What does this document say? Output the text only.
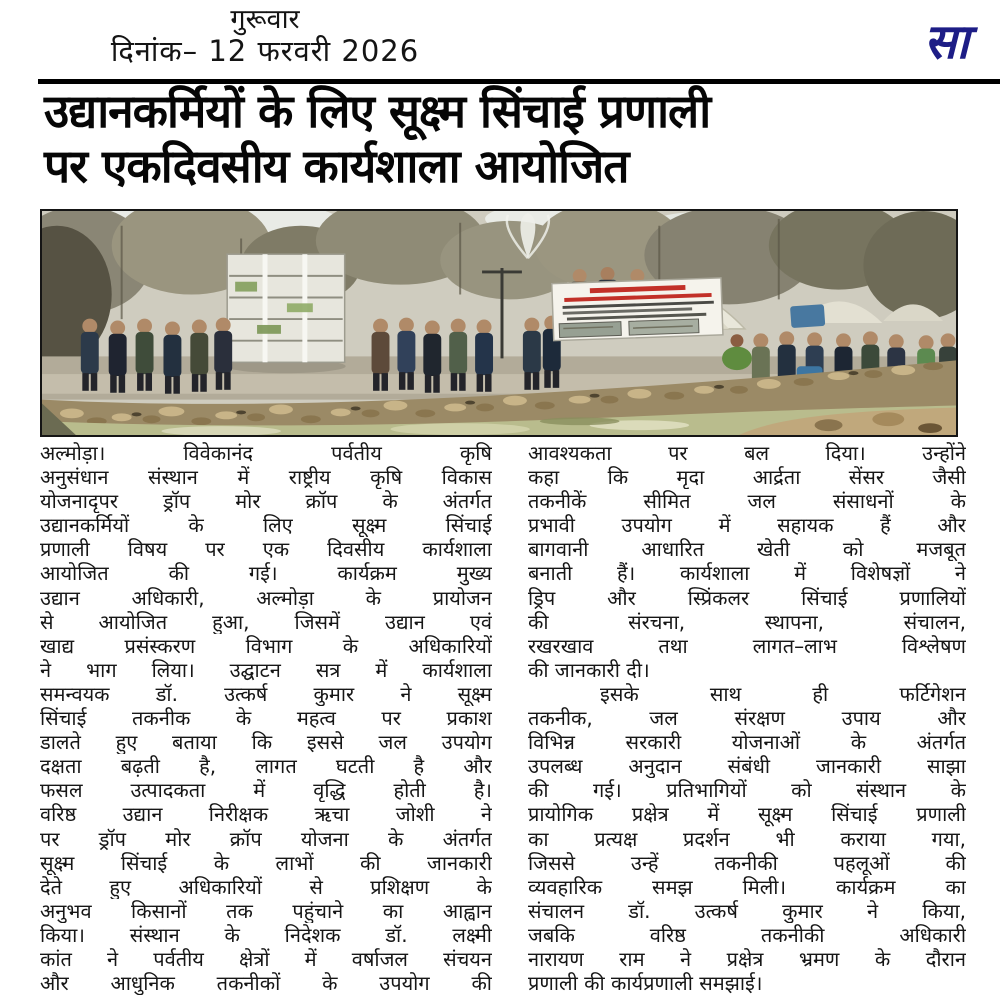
गुरूवार
दिनांक– 12 फरवरी 2026	सा
उद्यानकर्मियों के लिए सूक्ष्म सिंचाई प्रणाली
पर एकदिवसीय कार्यशाला आयोजित
अल्मोड़ा। विवेकानंद पर्वतीय कृषि
अनुसंधान संस्थान में राष्ट्रीय कृषि विकास
योजनादृपर ड्रॉप मोर क्रॉप के अंतर्गत
उद्यानकर्मियों के लिए सूक्ष्म सिंचाई
प्रणाली विषय पर एक दिवसीय कार्यशाला
आयोजित की गई। कार्यक्रम मुख्य
उद्यान अधिकारी, अल्मोड़ा के प्रायोजन
से आयोजित हुआ, जिसमें उद्यान एवं
खाद्य प्रसंस्करण विभाग के अधिकारियों
ने भाग लिया। उद्घाटन सत्र में कार्यशाला
समन्वयक डॉ. उत्कर्ष कुमार ने सूक्ष्म
सिंचाई तकनीक के महत्व पर प्रकाश
डालते हुए बताया कि इससे जल उपयोग
दक्षता बढ़ती है, लागत घटती है और
फसल उत्पादकता में वृद्धि होती है।
वरिष्ठ उद्यान निरीक्षक ऋचा जोशी ने
पर ड्रॉप मोर क्रॉप योजना के अंतर्गत
सूक्ष्म सिंचाई के लाभों की जानकारी
देते हुए अधिकारियों से प्रशिक्षण के
अनुभव किसानों तक पहुंचाने का आह्वान
किया। संस्थान के निदेशक डॉ. लक्ष्मी
कांत ने पर्वतीय क्षेत्रों में वर्षाजल संचयन
और आधुनिक तकनीकों के उपयोग की
आवश्यकता पर बल दिया। उन्होंने
कहा कि मृदा आर्द्रता सेंसर जैसी
तकनीकें सीमित जल संसाधनों के
प्रभावी उपयोग में सहायक हैं और
बागवानी आधारित खेती को मजबूत
बनाती हैं। कार्यशाला में विशेषज्ञों ने
ड्रिप और स्प्रिंकलर सिंचाई प्रणालियों
की संरचना, स्थापना, संचालन,
रखरखाव तथा लागत–लाभ विश्लेषण
की जानकारी दी।
इसके साथ ही फर्टिगेशन
तकनीक, जल संरक्षण उपाय और
विभिन्न सरकारी योजनाओं के अंतर्गत
उपलब्ध अनुदान संबंधी जानकारी साझा
की गई। प्रतिभागियों को संस्थान के
प्रायोगिक प्रक्षेत्र में सूक्ष्म सिंचाई प्रणाली
का प्रत्यक्ष प्रदर्शन भी कराया गया,
जिससे उन्हें तकनीकी पहलूओं की
व्यवहारिक समझ मिली। कार्यक्रम का
संचालन डॉ. उत्कर्ष कुमार ने किया,
जबकि वरिष्ठ तकनीकी अधिकारी
नारायण राम ने प्रक्षेत्र भ्रमण के दौरान
प्रणाली की कार्यप्रणाली समझाई।
